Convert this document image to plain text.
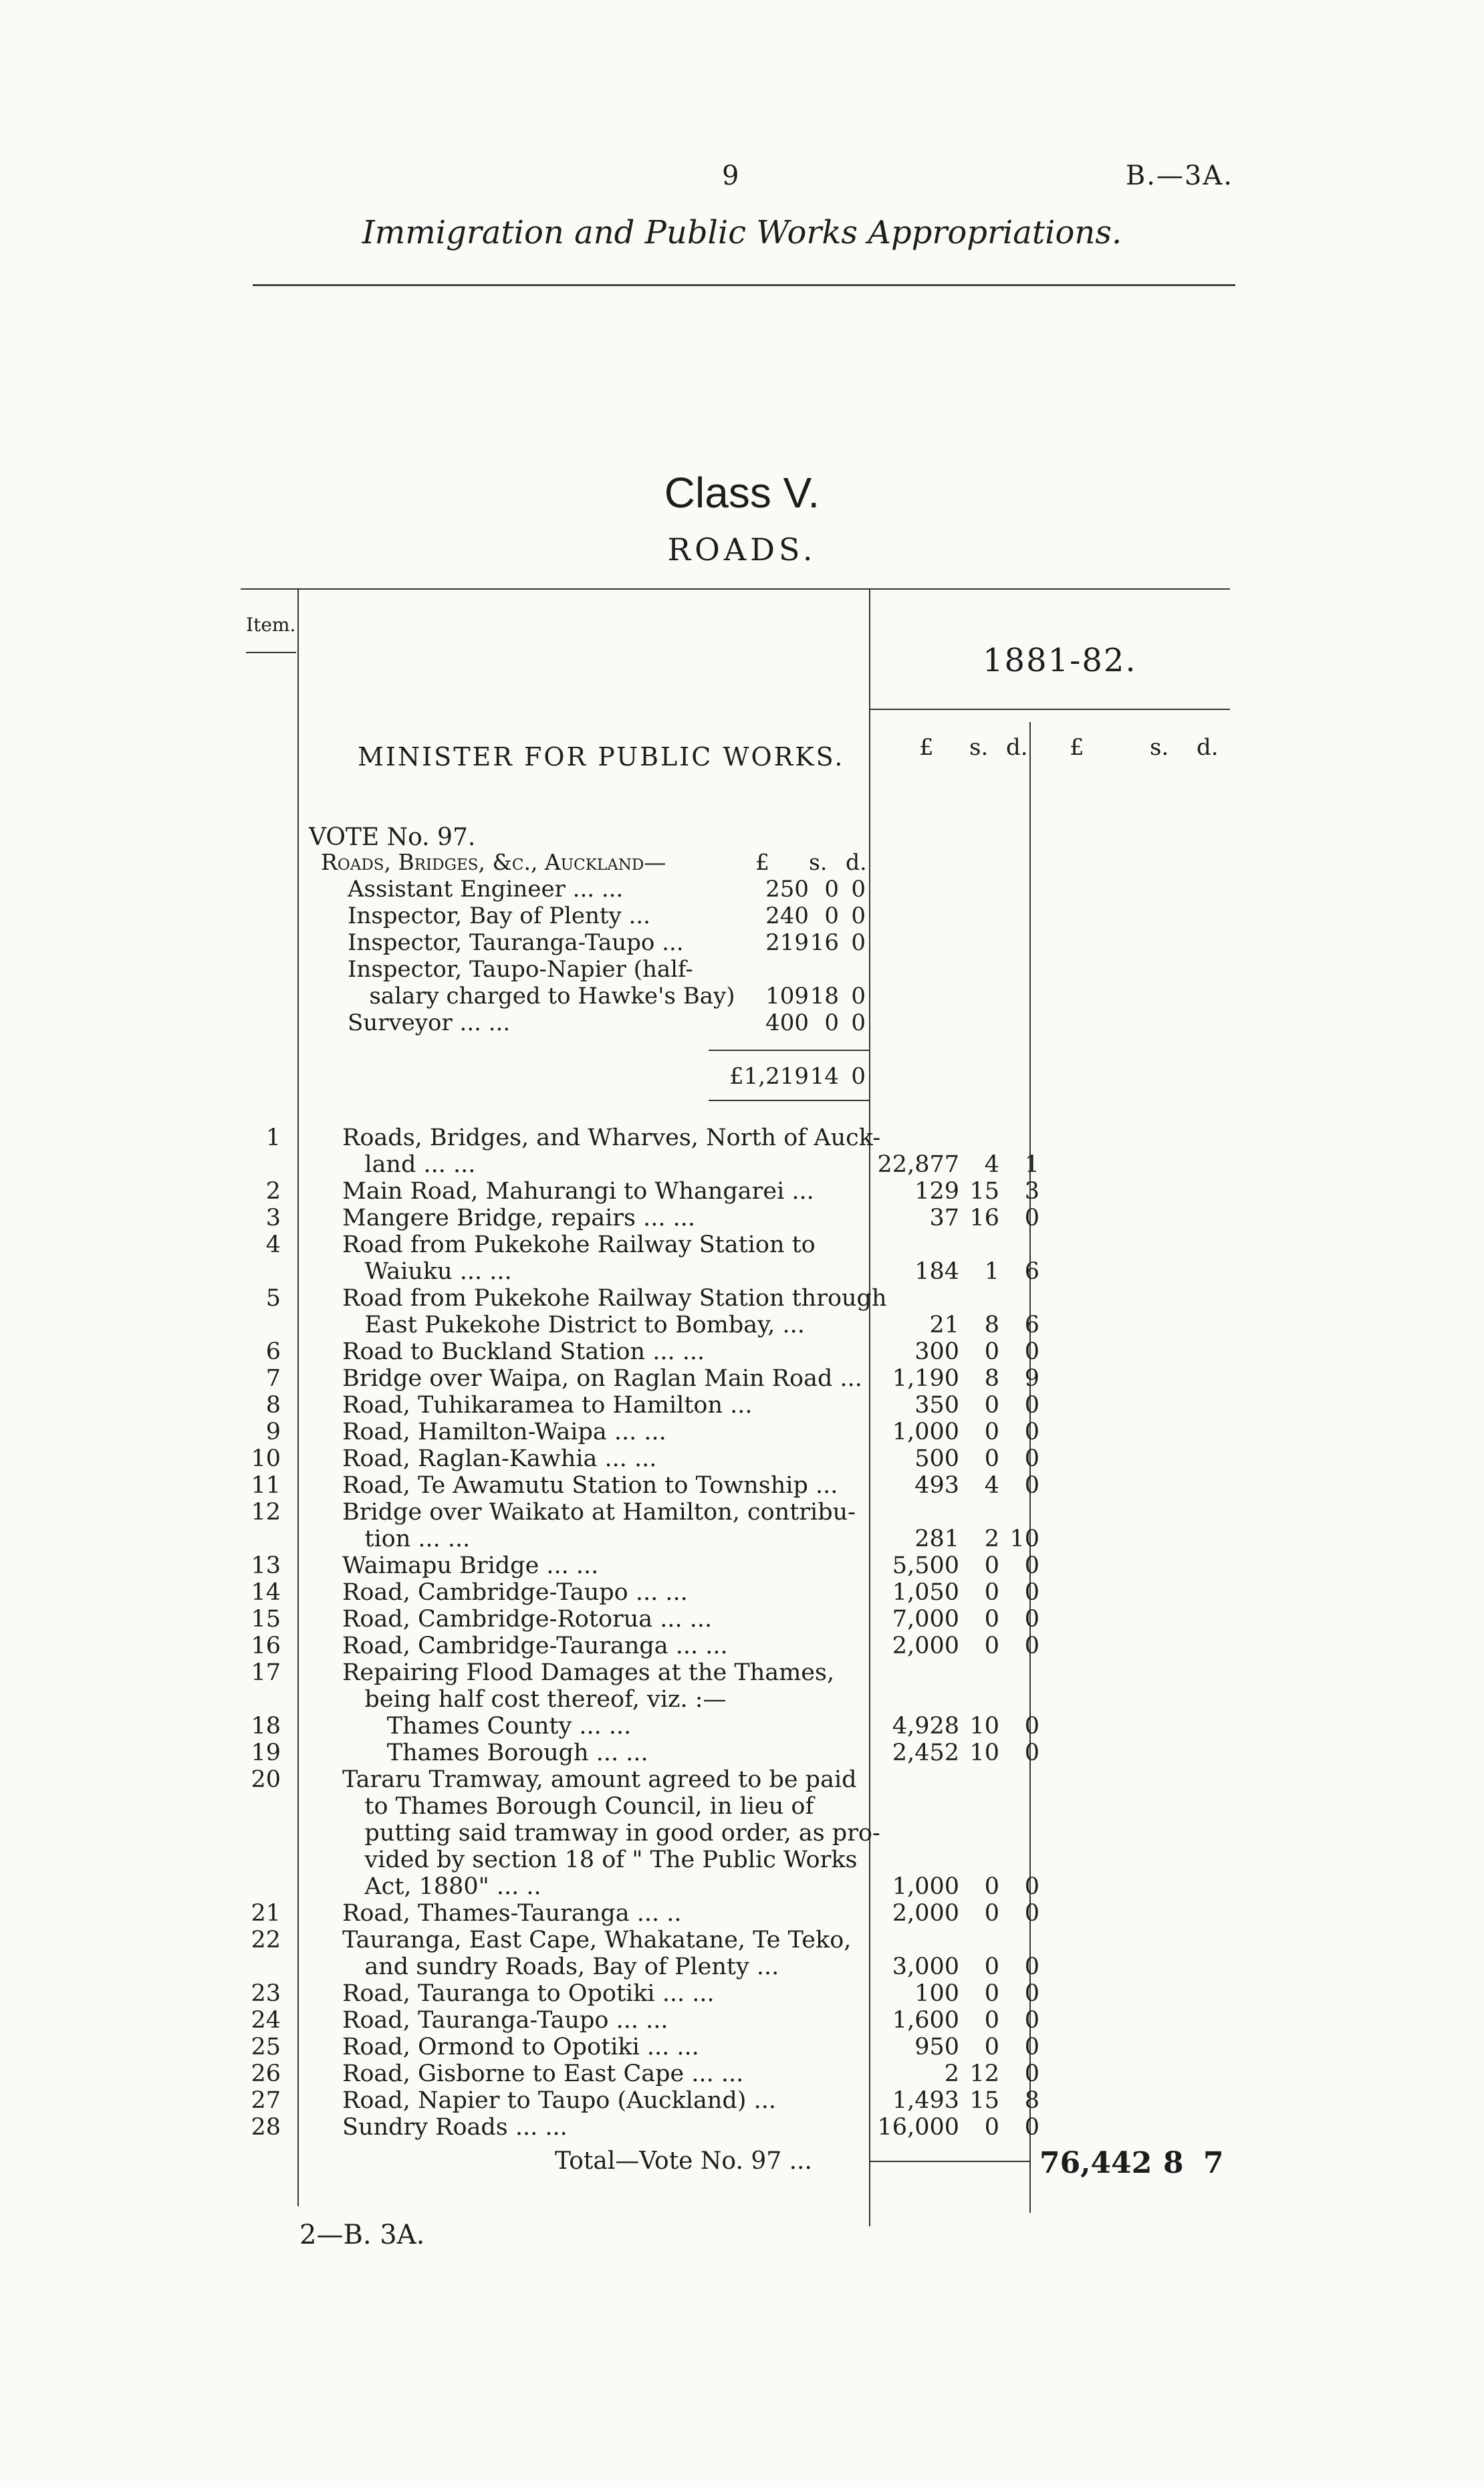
9	B.—3A.
Immigration and Public Works Appropriations.
Class V.
ROADS.
Item.
1881-82.
MINISTER FOR PUBLIC WORKS.	£ s. d. £	s. d.
VOTE No. 97.
Roads, Bridges, &c., Auckland—	£ s. d.
Assistant Engineer ... ...	250 0 0
Inspector, Bay of Plenty ...	240 0 0
Inspector, Tauranga-Taupo ...	219 16 0
Inspector, Taupo-Napier (half-
salary charged to Hawke's Bay)	109 18 0
Surveyor ... ...	400 0 0
£1,219 14 0
1	Roads, Bridges, and Wharves, North of Auck-
land ... ...	22,877	4	1
2	Main Road, Mahurangi to Whangarei ...	129 15	3
3	Mangere Bridge, repairs ... ...	37 16	0
4	Road from Pukekohe Railway Station to
Waiuku ... ...	184	1	6
5	Road from Pukekohe Railway Station through
East Pukekohe District to Bombay, ...	21	8	6
6	Road to Buckland Station ... ...	300	0	0
7	Bridge over Waipa, on Raglan Main Road ...	1,190	8	9
8	Road, Tuhikaramea to Hamilton ...	350	0	0
9	Road, Hamilton-Waipa ... ...	1,000	0	0
10	Road, Raglan-Kawhia ... ...	500	0	0
11	Road, Te Awamutu Station to Township ...	493	4	0
12	Bridge over Waikato at Hamilton, contribu-
tion ... ...	281	2 10
13	Waimapu Bridge ... ...	5,500	0	0
14	Road, Cambridge-Taupo ... ...	1,050	0	0
15	Road, Cambridge-Rotorua ... ...	7,000	0	0
16	Road, Cambridge-Tauranga ... ...	2,000	0	0
17	Repairing Flood Damages at the Thames,
being half cost thereof, viz. :—
18	Thames County ... ...	4,928 10	0
19	Thames Borough ... ...	2,452 10	0
20	Tararu Tramway, amount agreed to be paid
to Thames Borough Council, in lieu of
putting said tramway in good order, as pro-
vided by section 18 of " The Public Works
Act, 1880" ... ..	1,000	0	0
21	Road, Thames-Tauranga ... ..	2,000	0	0
22	Tauranga, East Cape, Whakatane, Te Teko,
and sundry Roads, Bay of Plenty ...	3,000	0	0
23	Road, Tauranga to Opotiki ... ...	100	0	0
24	Road, Tauranga-Taupo ... ...	1,600	0	0
25	Road, Ormond to Opotiki ... ...	950	0	0
26	Road, Gisborne to East Cape ... ...	2 12	0
27	Road, Napier to Taupo (Auckland) ...	1,493 15	8
28	Sundry Roads ... ...	16,000	0	0
Total—Vote No. 97 ...	76,442 8 7
2—B. 3A.
